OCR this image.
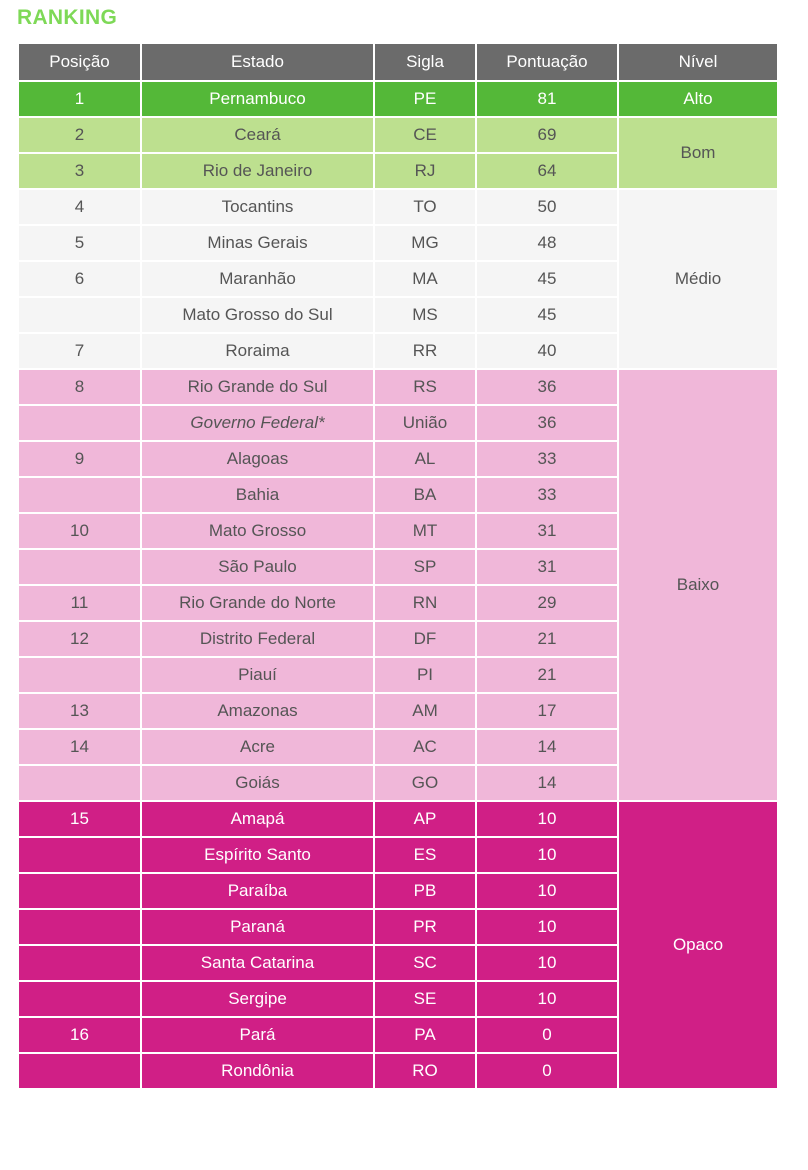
RANKING
Posição	Estado	Sigla	Pontuação	Nível
1	Pernambuco	PE	81	Alto
2	Ceará	CE	69	Bom
3	Rio de Janeiro	RJ	64	
4	Tocantins	TO	50	Médio
5	Minas Gerais	MG	48	
6	Maranhão	MA	45	
	Mato Grosso do Sul	MS	45	
7	Roraima	RR	40	
8	Rio Grande do Sul	RS	36	Baixo
	Governo Federal*	União	36	
9	Alagoas	AL	33	
	Bahia	BA	33	
10	Mato Grosso	MT	31	
	São Paulo	SP	31	
11	Rio Grande do Norte	RN	29	
12	Distrito Federal	DF	21	
	Piauí	PI	21	
13	Amazonas	AM	17	
14	Acre	AC	14	
	Goiás	GO	14	
15	Amapá	AP	10	Opaco
	Espírito Santo	ES	10	
	Paraíba	PB	10	
	Paraná	PR	10	
	Santa Catarina	SC	10	
	Sergipe	SE	10	
16	Pará	PA	0	
	Rondônia	RO	0	
